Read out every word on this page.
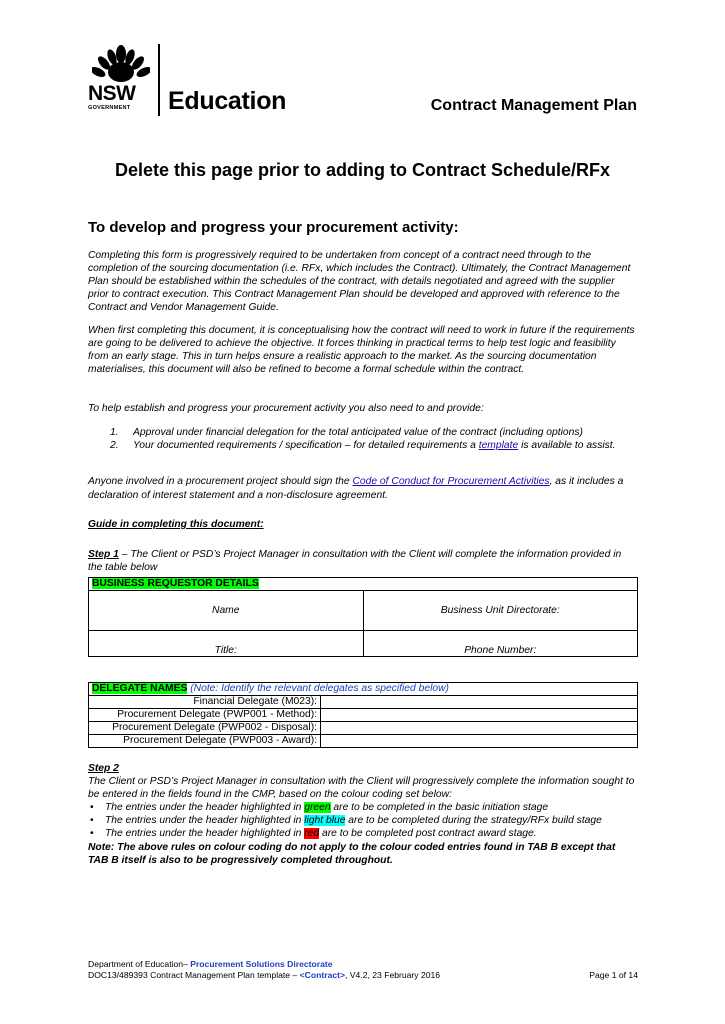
NSW
GOVERNMENT Education	Contract Management Plan
Delete this page prior to adding to Contract Schedule/RFx
To develop and progress your procurement activity:
Completing this form is progressively required to be undertaken from concept of a contract need through to the completion of the sourcing documentation (i.e. RFx, which includes the Contract). Ultimately, the Contract Management Plan should be established within the schedules of the contract, with details negotiated and agreed with the supplier prior to contract execution. This Contract Management Plan should be developed and approved with reference to the Contract and Vendor Management Guide.
When first completing this document, it is conceptualising how the contract will need to work in future if the requirements are going to be delivered to achieve the objective. It forces thinking in practical terms to help test logic and feasibility from an early stage. This in turn helps ensure a realistic approach to the market. As the sourcing documentation materialises, this document will also be refined to become a formal schedule within the contract.
To help establish and progress your procurement activity you also need to and provide:
1. Approval under financial delegation for the total anticipated value of the contract (including options)
2. Your documented requirements / specification – for detailed requirements a template is available to assist.
Anyone involved in a procurement project should sign the Code of Conduct for Procurement Activities, as it includes a declaration of interest statement and a non-disclosure agreement.
Guide in completing this document:
Step 1 – The Client or PSD’s Project Manager in consultation with the Client will complete the information provided in the table below
BUSINESS REQUESTOR DETAILS	

Name	Business Unit Directorate:

Title:	Phone Number:
DELEGATE NAMES (Note: Identify the relevant delegates as specified below)	
Financial Delegate (M023):	
Procurement Delegate (PWP001 - Method):	
Procurement Delegate (PWP002 - Disposal):	
Procurement Delegate (PWP003 - Award):	
Step 2
The Client or PSD’s Project Manager in consultation with the Client will progressively complete the information sought to be entered in the fields found in the CMP, based on the colour coding set below:
• The entries under the header highlighted in green are to be completed in the basic initiation stage
• The entries under the header highlighted in light blue are to be completed during the strategy/RFx build stage
• The entries under the header highlighted in red are to be completed post contract award stage.
Note: The above rules on colour coding do not apply to the colour coded entries found in TAB B except that TAB B itself is also to be progressively completed throughout.
Department of Education– Procurement Solutions Directorate
DOC13/489393 Contract Management Plan template – <Contract>, V4.2, 23 February 2016	Page 1 of 14
